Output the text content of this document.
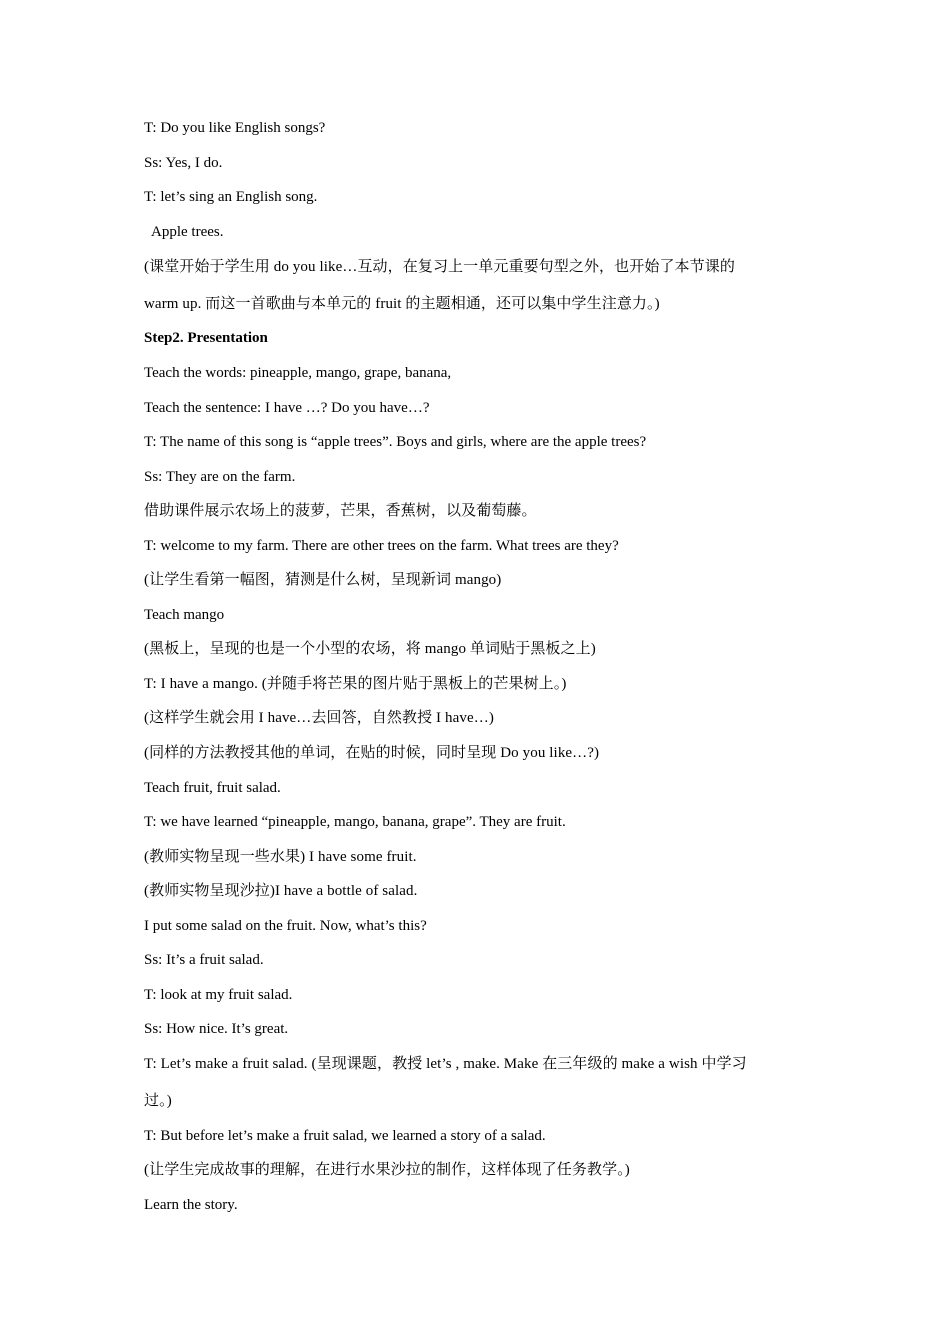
T: Do you like English songs?
Ss: Yes, I do.
T: let’s sing an English song.
Apple trees.
(课堂开始于学生用 do you like…互动，在复习上一单元重要句型之外，也开始了本节课的
warm up. 而这一首歌曲与本单元的 fruit 的主题相通，还可以集中学生注意力。)
Step2. Presentation
Teach the words: pineapple, mango, grape, banana,
Teach the sentence: I have …? Do you have…?
T: The name of this song is “apple trees”. Boys and girls, where are the apple trees?
Ss: They are on the farm.
借助课件展示农场上的菠萝，芒果，香蕉树，以及葡萄藤。
T: welcome to my farm. There are other trees on the farm. What trees are they?
(让学生看第一幅图，猜测是什么树，呈现新词 mango)
Teach mango
(黑板上，呈现的也是一个小型的农场，将 mango 单词贴于黑板之上)
T: I have a mango. (并随手将芒果的图片贴于黑板上的芒果树上。)
(这样学生就会用 I have…去回答，自然教授 I have…)
(同样的方法教授其他的单词，在贴的时候，同时呈现 Do you like…?)
Teach fruit, fruit salad.
T: we have learned “pineapple, mango, banana, grape”. They are fruit.
(教师实物呈现一些水果) I have some fruit.
(教师实物呈现沙拉)I have a bottle of salad.
I put some salad on the fruit. Now, what’s this?
Ss: It’s a fruit salad.
T: look at my fruit salad.
Ss: How nice. It’s great.
T: Let’s make a fruit salad. (呈现课题，教授 let’s , make. Make 在三年级的 make a wish 中学习
过。)
T: But before let’s make a fruit salad, we learned a story of a salad.
(让学生完成故事的理解，在进行水果沙拉的制作，这样体现了任务教学。)
Learn the story.
